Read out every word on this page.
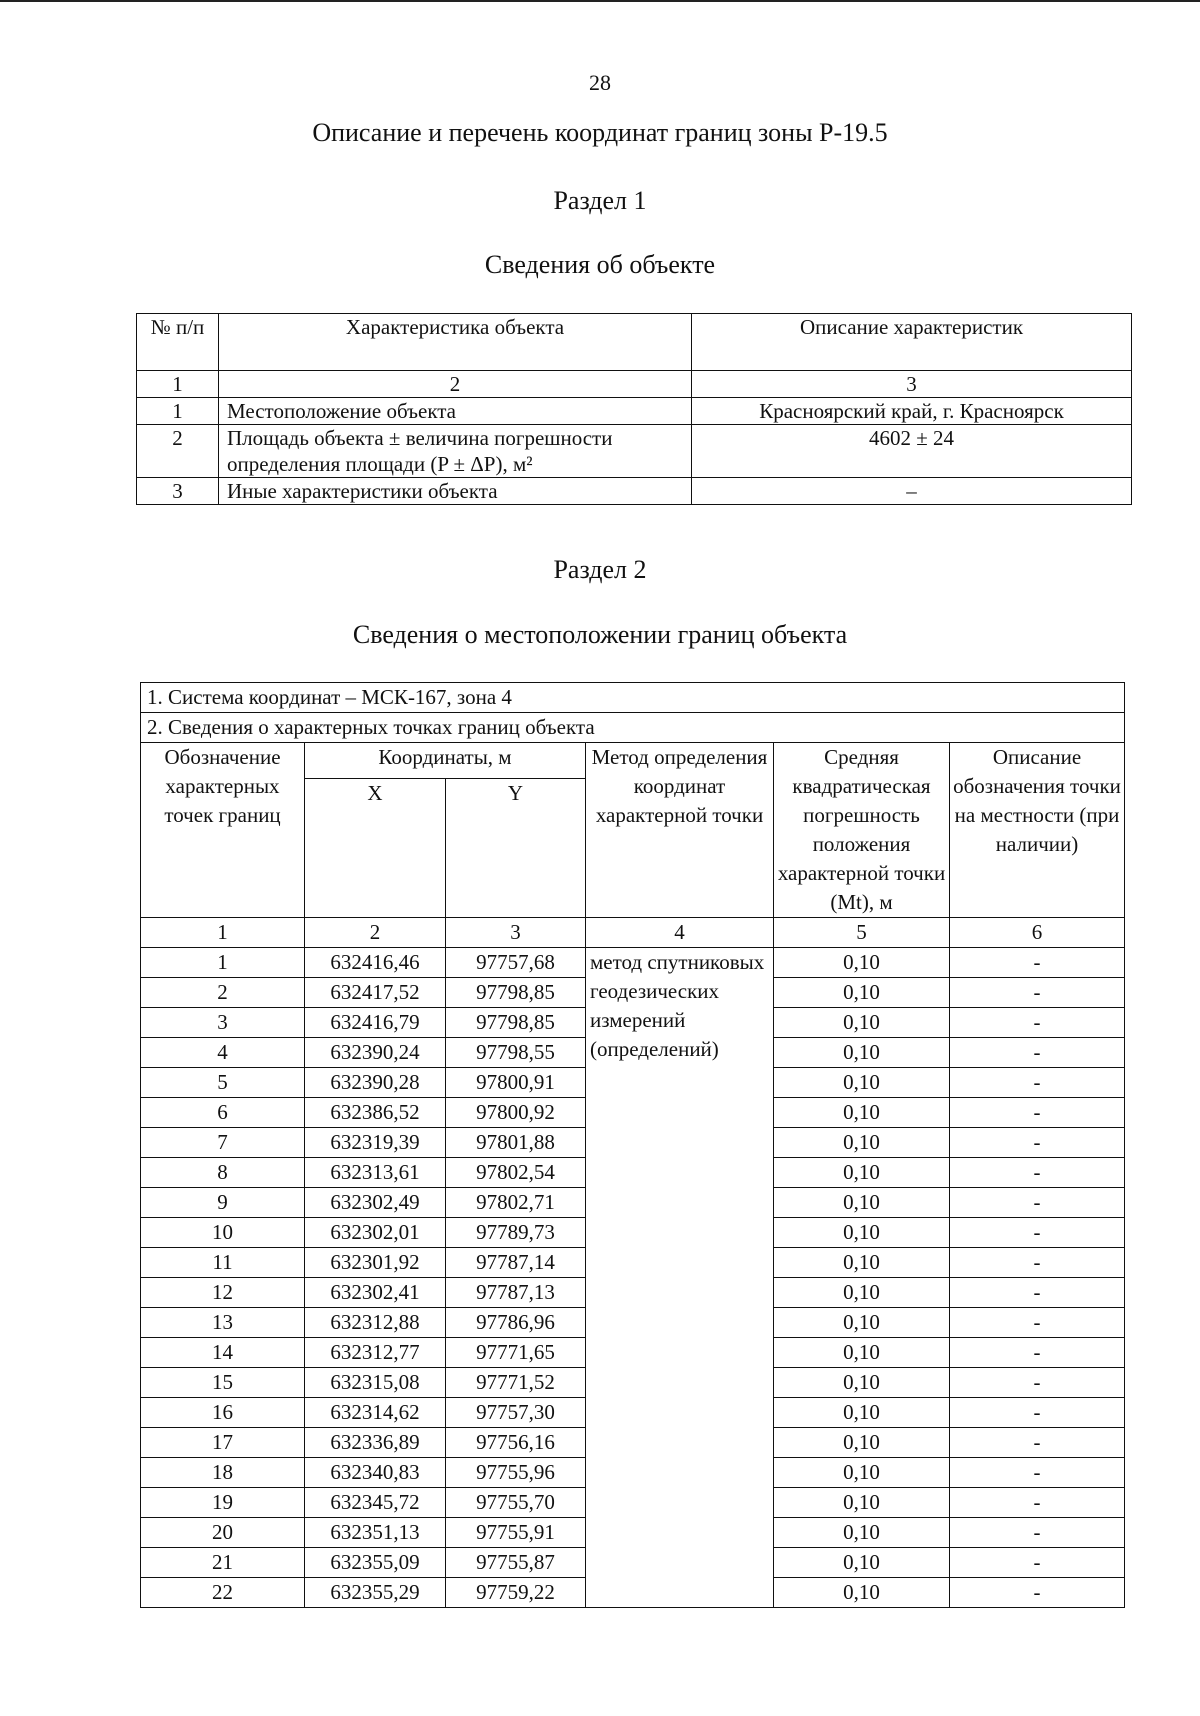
28
Описание и перечень координат границ зоны Р-19.5
Раздел 1
Сведения об объекте
№ п/п	Характеристика объекта	Описание характеристик
1	2	3
1	Местоположение объекта	Красноярский край, г. Красноярск
2	Площадь объекта ± величина погрешности определения площади (P ± ΔP), м²	4602 ± 24
3	Иные характеристики объекта	–
Раздел 2
Сведения о местоположении границ объекта
1. Система координат – МСК-167, зона 4					
2. Сведения о характерных точках границ объекта					
Обозначение характерных точек границ	Координаты, м		Метод определения координат характерной точки	Средняя квадратическая погрешность положения характерной точки (Mt), м	Описание обозначения точки на местности (при наличии)
	X	Y			
1	2	3	4	5	6
1	632416,46	97757,68	метод спутниковых геодезических измерений (определений)	0,10	-
2	632417,52	97798,85		0,10	-
3	632416,79	97798,85		0,10	-
4	632390,24	97798,55		0,10	-
5	632390,28	97800,91		0,10	-
6	632386,52	97800,92		0,10	-
7	632319,39	97801,88		0,10	-
8	632313,61	97802,54		0,10	-
9	632302,49	97802,71		0,10	-
10	632302,01	97789,73		0,10	-
11	632301,92	97787,14		0,10	-
12	632302,41	97787,13		0,10	-
13	632312,88	97786,96		0,10	-
14	632312,77	97771,65		0,10	-
15	632315,08	97771,52		0,10	-
16	632314,62	97757,30		0,10	-
17	632336,89	97756,16		0,10	-
18	632340,83	97755,96		0,10	-
19	632345,72	97755,70		0,10	-
20	632351,13	97755,91		0,10	-
21	632355,09	97755,87		0,10	-
22	632355,29	97759,22		0,10	-
